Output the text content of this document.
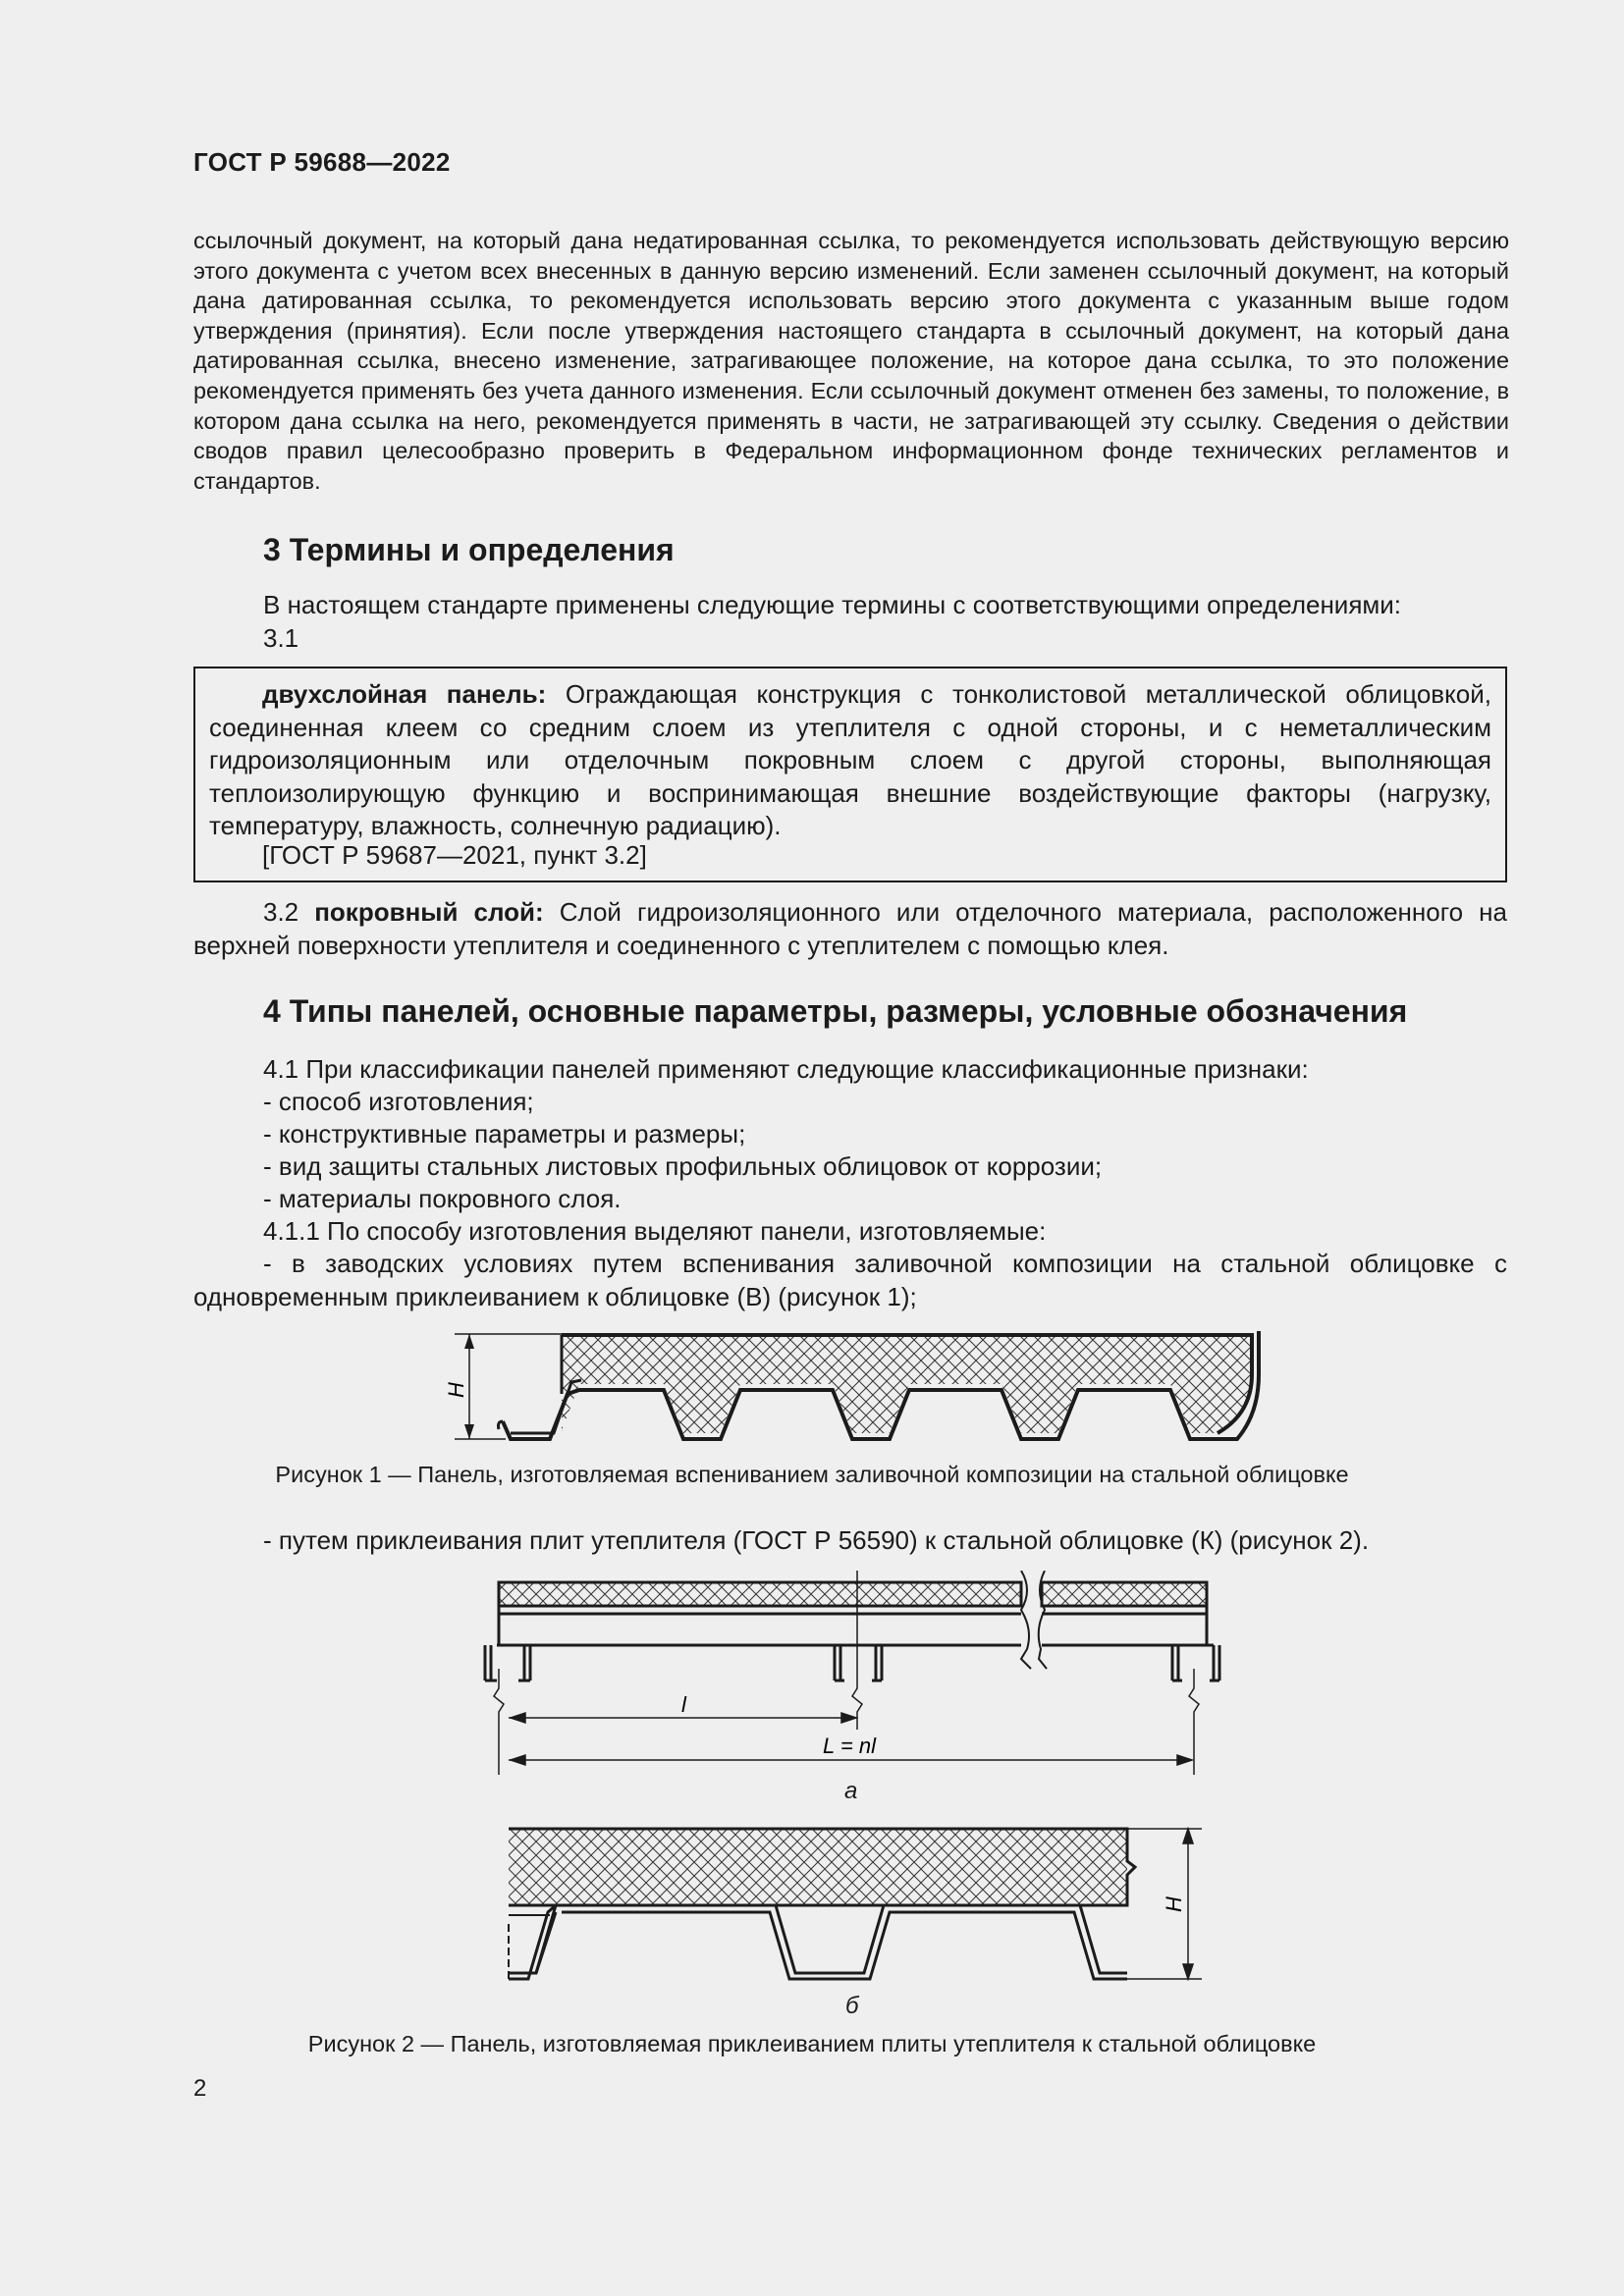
ГОСТ Р 59688—2022

ссылочный документ, на который дана недатированная ссылка, то рекомендуется использовать действующую версию этого документа с учетом всех внесенных в данную версию изменений. Если заменен ссылочный документ, на который дана датированная ссылка, то рекомендуется использовать версию этого документа с указанным выше годом утверждения (принятия). Если после утверждения настоящего стандарта в ссылочный документ, на который дана датированная ссылка, внесено изменение, затрагивающее положение, на которое дана ссылка, то это положение рекомендуется применять без учета данного изменения. Если ссылочный документ отменен без замены, то положение, в котором дана ссылка на него, рекомендуется применять в части, не затрагивающей эту ссылку. Сведения о действии сводов правил целесообразно проверить в Федеральном информационном фонде технических регламентов и стандартов.

3 Термины и определения

В настоящем стандарте применены следующие термины с соответствующими определениями:

3.1

двухслойная панель: Ограждающая конструкция с тонколистовой металлической облицовкой, соединенная клеем со средним слоем из утеплителя с одной стороны, и с неметаллическим гидроизоляционным или отделочным покровным слоем с другой стороны, выполняющая теплоизолирующую функцию и воспринимающая внешние воздействующие факторы (нагрузку, температуру, влажность, солнечную радиацию).

[ГОСТ Р 59687—2021, пункт 3.2]

3.2 покровный слой: Слой гидроизоляционного или отделочного материала, расположенного на верхней поверхности утеплителя и соединенного с утеплителем с помощью клея.

4 Типы панелей, основные параметры, размеры, условные обозначения

4.1 При классификации панелей применяют следующие классификационные признаки:

- способ изготовления;

- конструктивные параметры и размеры;

- вид защиты стальных листовых профильных облицовок от коррозии;

- материалы покровного слоя.

4.1.1 По способу изготовления выделяют панели, изготовляемые:

- в заводских условиях путем вспенивания заливочной композиции на стальной облицовке с одновременным приклеиванием к облицовке (В) (рисунок 1);

H

Рисунок 1 — Панель, изготовляемая вспениванием заливочной композиции на стальной облицовке

- путем приклеивания плит утеплителя (ГОСТ Р 56590) к стальной облицовке (К) (рисунок 2).

l
L = nl

а

H

б

Рисунок 2 — Панель, изготовляемая приклеиванием плиты утеплителя к стальной облицовке

2
